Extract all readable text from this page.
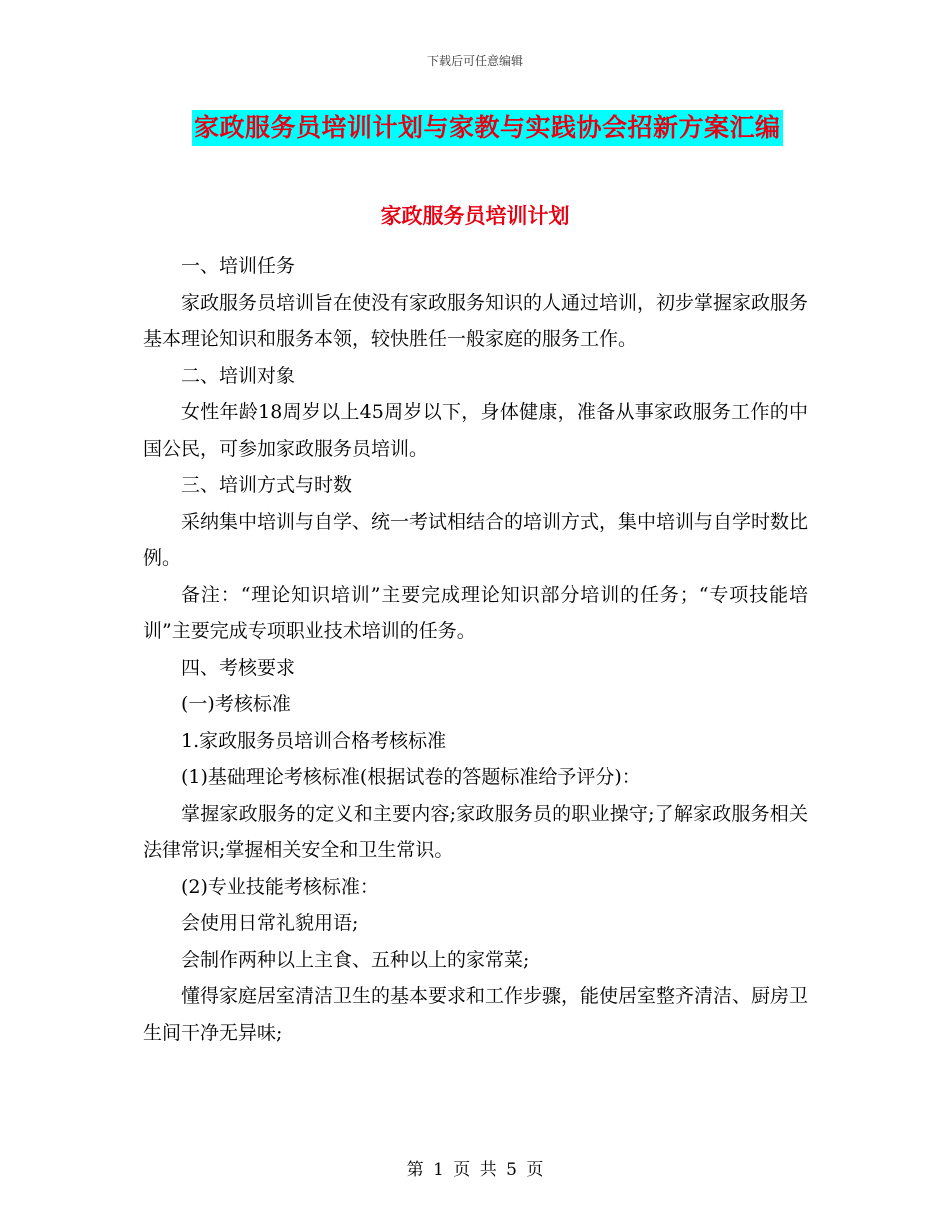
下载后可任意编辑
家政服务员培训计划与家教与实践协会招新方案汇编
家政服务员培训计划

一、培训任务

家政服务员培训旨在使没有家政服务知识的人通过培训，初步掌握家政服务基本理论知识和服务本领，较快胜任一般家庭的服务工作。

二、培训对象

女性年龄18周岁以上45周岁以下，身体健康，准备从事家政服务工作的中国公民，可参加家政服务员培训。

三、培训方式与时数

采纳集中培训与自学、统一考试相结合的培训方式，集中培训与自学时数比例。

备注：“理论知识培训”主要完成理论知识部分培训的任务；“专项技能培训”主要完成专项职业技术培训的任务。

四、考核要求

(一)考核标准

1.家政服务员培训合格考核标准

(1)基础理论考核标准(根据试卷的答题标准给予评分)：

掌握家政服务的定义和主要内容;家政服务员的职业操守;了解家政服务相关法律常识;掌握相关安全和卫生常识。

(2)专业技能考核标准：

会使用日常礼貌用语;

会制作两种以上主食、五种以上的家常菜;

懂得家庭居室清洁卫生的基本要求和工作步骤，能使居室整齐清洁、厨房卫生间干净无异味;

第 1 页 共 5 页
